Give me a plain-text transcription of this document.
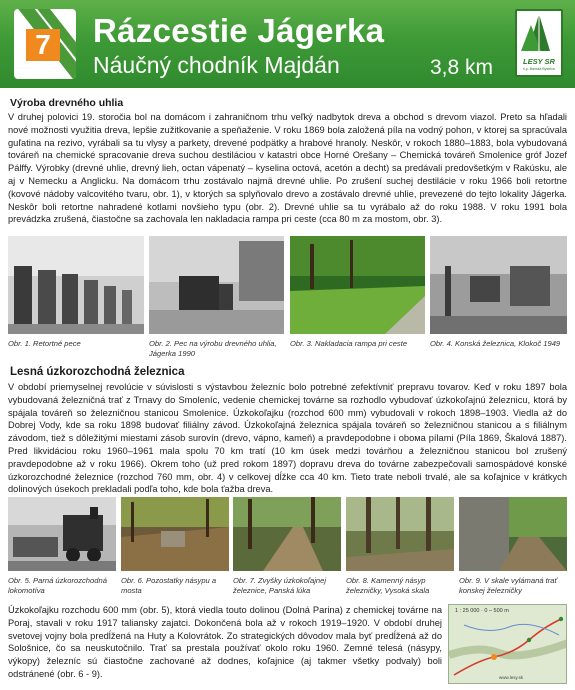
7 Rázcestie Jágerka
Náučný chodník Majdán	3,8 km	LESY SR
š.p. Banská Bystrica
Výroba drevného uhlia
V druhej polovici 19. storočia bol na domácom i zahraničnom trhu veľký nadbytok dreva a obchod s drevom viazol. Preto sa hľadali nové možnosti využitia dreva, lepšie zužitkovanie a speňaženie. V roku 1869 bola založená píla na vodný pohon, v ktorej sa spracúvala guľatina na rezivo, vyrábali sa tu vlysy a parkety, drevené podpätky a hrabové hranoly. Neskôr, v rokoch 1880–1883, bola vybudovaná továreň na chemické spracovanie dreva suchou destiláciou v katastri obce Horné Orešany – Chemická továreň Smolenice gróf Jozef Pálffy. Výrobky (drevné uhlie, drevný lieh, octan vápenatý – kyselina octová, acetón a decht) sa predávali predovšetkým v Rakúsku, ale aj v Nemecku a Anglicku. Na domácom trhu zostávalo najmä drevné uhlie. Po zrušení suchej destilácie v roku 1966 boli retortne (kovové nádoby valcovitého tvaru, obr. 1), v ktorých sa splyňovalo drevo a zostávalo drevné uhlie, prevezené do tejto lokality Jágerka. Neskôr boli retortne nahradené kotlami novšieho typu (obr. 2). Drevné uhlie sa tu vyrábalo až do roku 1988. V roku 1991 bola prevádzka zrušená, čiastočne sa zachovala len nakladacia rampa pri ceste (cca 80 m za mostom, obr. 3).
Obr. 1. Retortné pece	Obr. 2. Pec na výrobu drevného uhlia, Jágerka 1990
Obr. 3. Nakladacia rampa pri ceste	Obr. 4. Konská železnica, Klokoč 1949
Lesná úzkorozchodná železnica
V období priemyselnej revolúcie v súvislosti s výstavbou železníc bolo potrebné zefektívniť prepravu tovarov. Keď v roku 1897 bola vybudovaná železničná trať z Trnavy do Smoleníc, vedenie chemickej továrne sa rozhodlo vybudovať úzkokoľajnú železnicu, ktorá by spájala továreň so železničnou stanicou Smolenice. Úzkokoľajku (rozchod 600 mm) vybudovali v rokoch 1898–1903. Viedla až do Dobrej Vody, kde sa roku 1898 budovať filiálny závod. Úzkokoľajná železnica spájala továreň so železničnou stanicou a s filiálnym závodom, tiež s dôležitými miestami zásob surovín (drevo, vápno, kameň) a pravdepodobne i obома pílami (Píla 1869, Škalová 1887). Pred likvidáciou roku 1960–1961 mala spolu 70 km tratí (10 km úsek medzi továrňou a železničnou stanicou bol zrušený pravdepodobne až v roku 1966). Okrem toho (už pred rokom 1897) dopravu dreva do továrne zabezpečovali samospádové konské úzkorozchodné železnice (rozchod 760 mm, obr. 4) v celkovej dĺžke cca 40 km. Tieto trate neboli trvalé, ale sa koľajnice v krátkych dolinových úsekoch prekladali podľa toho, kde bola ťažba dreva.
Obr. 5. Parná úzkorozchodná lokomotíva
Obr. 6. Pozostatky násypu a mosta
Obr. 7. Zvyšky úzkokoľajnej železnice, Panská lúka
Obr. 8. Kamenný násyp železničky, Vysoká skala
Obr. 9. V skale vylámaná trať konskej železničky
Úzkokoľajku rozchodu 600 mm (obr. 5), ktorá viedla touto dolinou (Dolná Parina) z chemickej továrne na Poraj, stavali v roku 1917 taliansky zajatci. Dokončená bola až v rokoch 1919–1920. V období druhej svetovej vojny bola predĺžená na Huty a Kolovrátok. Zo strategických dôvodov mala byť predĺžená až do Sološnice, čo sa neuskutočnilo. Trať sa prestala používať okolo roku 1960. Zemné telesá (násypy, výkopy) železníc sú čiastočne zachované až dodnes, koľajnice (aj takmer všetky podvaly) boli odstránené (obr. 6 - 9).
1 : 25 000 · 0 – 500 m
www.lesy.sk
